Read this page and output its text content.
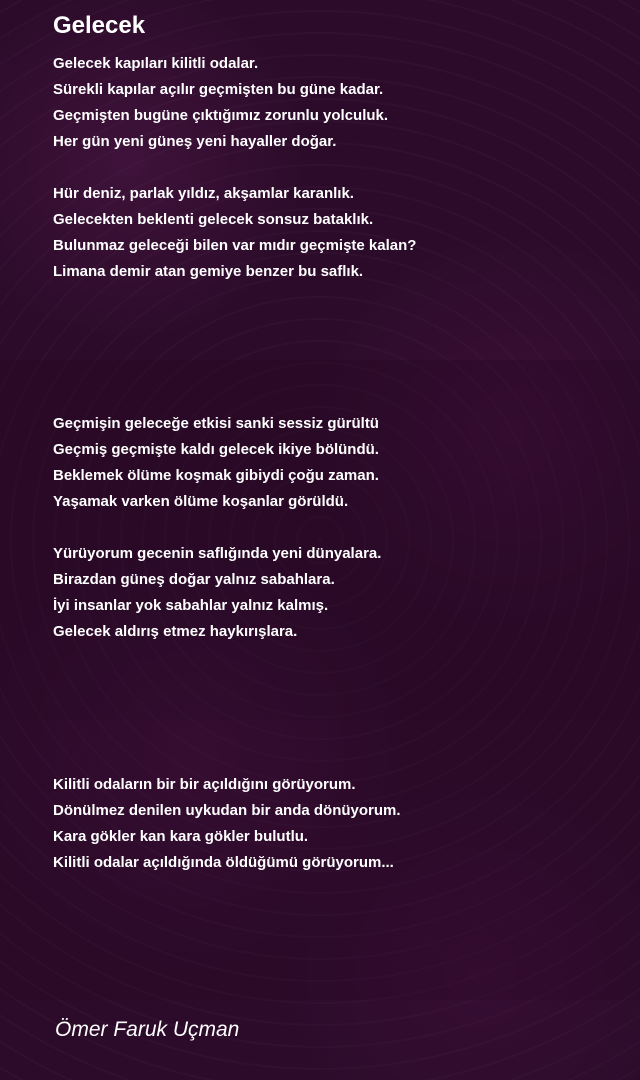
Gelecek
Gelecek kapıları kilitli odalar.
Sürekli kapılar açılır geçmişten bu güne kadar.
Geçmişten bugüne çıktığımız zorunlu yolculuk.
Her gün yeni güneş yeni hayaller doğar.
Hür deniz, parlak yıldız, akşamlar karanlık.
Gelecekten beklenti gelecek sonsuz bataklık.
Bulunmaz geleceği bilen var mıdır geçmişte kalan?
Limana demir atan gemiye benzer bu saflık.
Geçmişin geleceğe etkisi sanki sessiz gürültü
Geçmiş geçmişte kaldı gelecek ikiye bölündü.
Beklemek ölüme koşmak gibiydi çoğu zaman.
Yaşamak varken ölüme koşanlar görüldü.
Yürüyorum gecenin saflığında yeni dünyalara.
Birazdan güneş doğar yalnız sabahlara.
İyi insanlar yok sabahlar yalnız kalmış.
Gelecek aldırış etmez haykırışlara.
Kilitli odaların bir bir açıldığını görüyorum.
Dönülmez denilen uykudan bir anda dönüyorum.
Kara gökler kan kara gökler bulutlu.
Kilitli odalar açıldığında öldüğümü görüyorum...
Ömer Faruk Uçman
